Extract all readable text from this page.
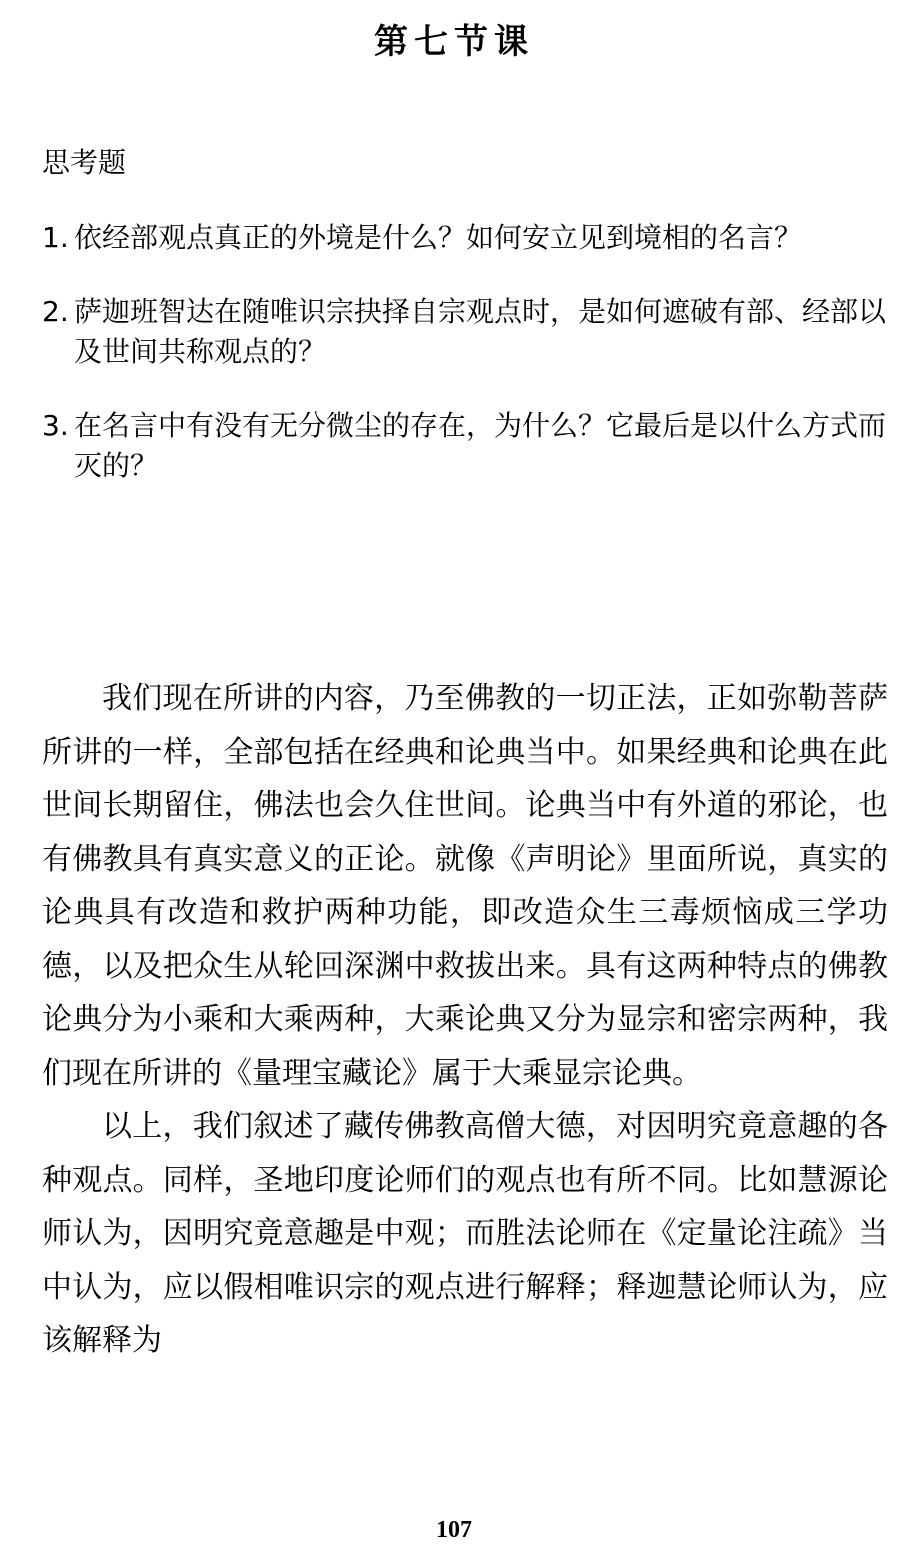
第七节课
思考题
1. 依经部观点真正的外境是什么？如何安立见到境相的名言？
2. 萨迦班智达在随唯识宗抉择自宗观点时，是如何遮破有部、经部以及世间共称观点的？
3. 在名言中有没有无分微尘的存在，为什么？它最后是以什么方式而灭的？

我们现在所讲的内容，乃至佛教的一切正法，正如弥勒菩萨所讲的一样，全部包括在经典和论典当中。如果经典和论典在此世间长期留住，佛法也会久住世间。论典当中有外道的邪论，也有佛教具有真实意义的正论。就像《声明论》里面所说，真实的论典具有改造和救护两种功能，即改造众生三毒烦恼成三学功德，以及把众生从轮回深渊中救拔出来。具有这两种特点的佛教论典分为小乘和大乘两种，大乘论典又分为显宗和密宗两种，我们现在所讲的《量理宝藏论》属于大乘显宗论典。

以上，我们叙述了藏传佛教高僧大德，对因明究竟意趣的各种观点。同样，圣地印度论师们的观点也有所不同。比如慧源论师认为，因明究竟意趣是中观；而胜法论师在《定量论注疏》当中认为，应以假相唯识宗的观点进行解释；释迦慧论师认为，应该解释为

107
